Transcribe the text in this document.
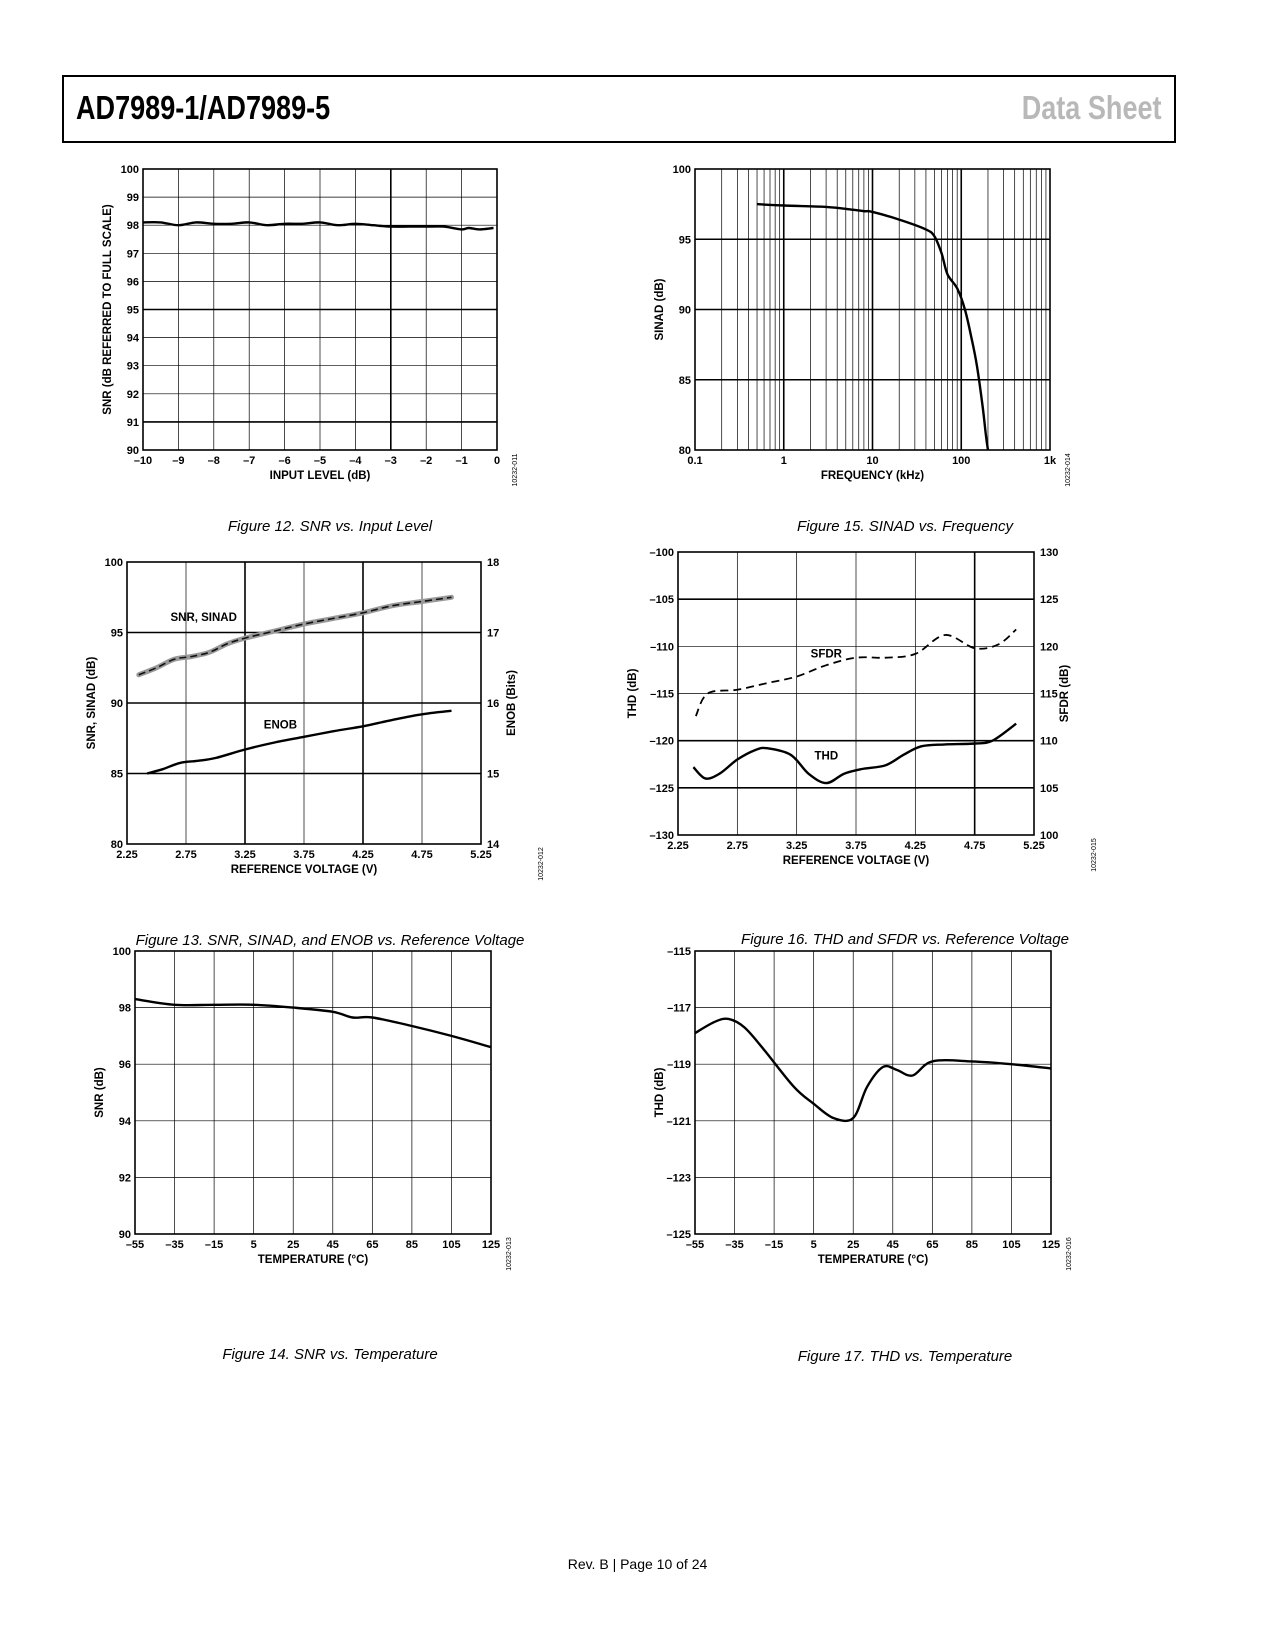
AD7989-1/AD7989-5	Data Sheet
–10 –9 –8 –7 –6 –5 –4 –3 –2 –1 0
90
91
92
93
94
95
96
97
98
99
100
INPUT LEVEL (dB)
SNR (dB REFERRED TO FULL SCALE)
10232-011	0.1	1	10	100	1k
80
85
90
95
100
FREQUENCY (kHz)
SINAD (dB)
10232-014
2.25	2.75	3.25	3.75	4.25	4.75	5.25
80
85
90
95
100
14
15
16
17
18
REFERENCE VOLTAGE (V)
SNR, SINAD (dB)	ENOB (Bits)
10232-012
SNR, SINAD
ENOB
2.25	2.75	3.25	3.75	4.25	4.75	5.25
–130
–125
–120
–115
–110
–105
–100
100
105
110
115
120
125
130
REFERENCE VOLTAGE (V)
THD (dB)	SFDR (dB)
10232-015
SFDR
THD
–55 –35 –15 5	25 45 65 85 105 125
90
92
94
96
98
100
TEMPERATURE (°C)
SNR (dB)
10232-013	–55 –35 –15 5	25 45 65 85 105 125
–125
–123
–121
–119
–117
–115
TEMPERATURE (°C)
THD (dB)
10232-016
Figure 12. SNR vs. Input Level	Figure 15. SINAD vs. Frequency
Figure 13. SNR, SINAD, and ENOB vs. Reference Voltage	Figure 16. THD and SFDR vs. Reference Voltage
Figure 14. SNR vs. Temperature	Figure 17. THD vs. Temperature
Rev. B | Page 10 of 24
